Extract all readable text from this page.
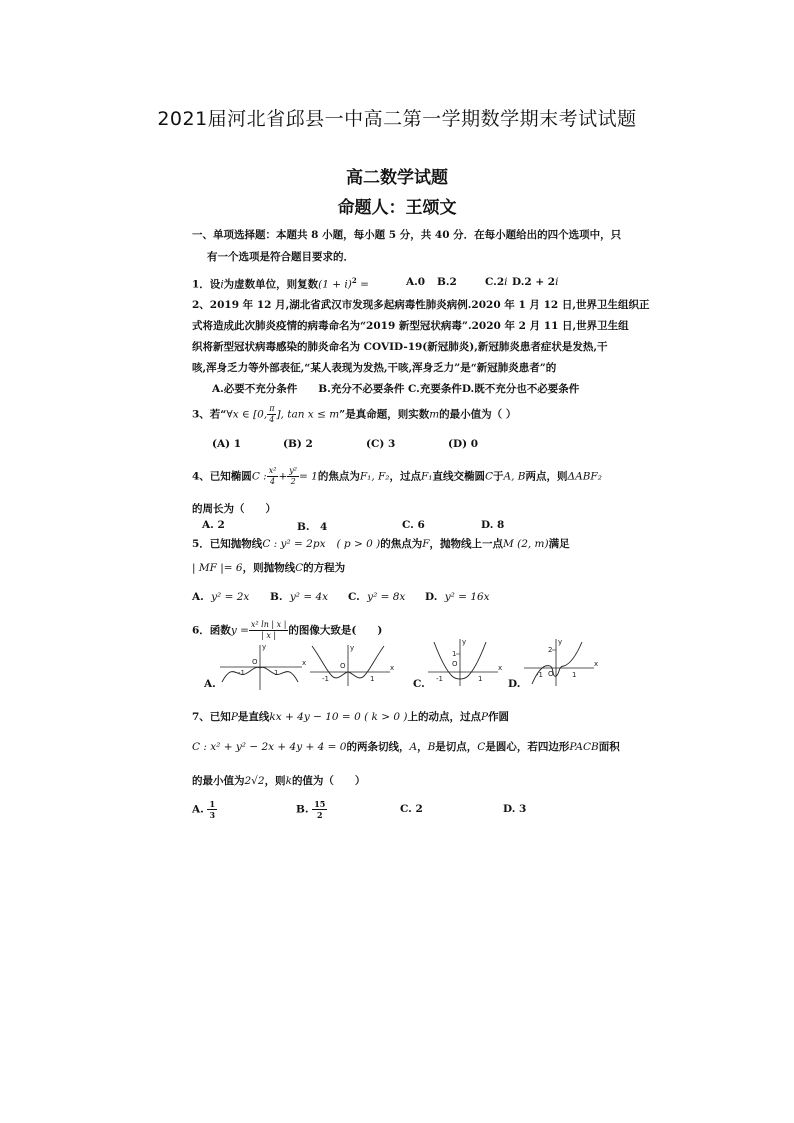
2021届河北省邱县一中高二第一学期数学期末考试试题
高二数学试题
命题人：王颂文
一、单项选择题：本题共 8 小题，每小题 5 分，共 40 分．在每小题给出的四个选项中，只
有一个选项是符合题目要求的．
1．设i为虚数单位，则复数$(1 + i)^2$ =	A.0 B.2	C.2i D.2 + 2i
2、2019 年 12 月,湖北省武汉市发现多起病毒性肺炎病例.2020 年 1 月 12 日,世界卫生组织正
式将造成此次肺炎疫情的病毒命名为“2019 新型冠状病毒”.2020 年 2 月 11 日,世界卫生组
织将新型冠状病毒感染的肺炎命名为 COVID-19(新冠肺炎),新冠肺炎患者症状是发热,干
咳,浑身乏力等外部表征,“某人表现为发热,干咳,浑身乏力”是“新冠肺炎患者”的
A.必要不充分条件　　B.充分不必要条件 C.充要条件D.既不充分也不必要条件
3、若“∀x ∈ [0, $\frac{\pi}{4}$ ], tan x ≤ m”是真命题，则实数m的最小值为（ ）
(A) 1	(B) 2	(C) 3	(D) 0
4、已知椭圆C : $\frac{\text{x²}}{4} + \frac{\text{y²}}{2} = 1$的焦点为F₁, F₂，过点F₁直线交椭圆C于A, B两点，则ΔABF₂
的周长为（　　）
A. 2	B.　4	C. 6	D. 8
5．已知抛物线C : y² = 2px ( p > 0 )的焦点为F，抛物线上一点M (2, m)满足
| MF |= 6，则抛物线C的方程为
A. y² = 2x B. y² = 4x C. y² = 8x D. y² = 16x
6．函数$y = \frac{\text{x² ln | x |}}{| x |}$ 的图像大致是(　　)
A.
x
y
O
1
-1
x
y
O
1
-1	C.
x
y
O
1
1
-1	D.
x
y
2
O	1
-1
7、已知P是直线kx + 4y − 10 = 0 ( k > 0 )上的动点，过点P作圆
C : x² + y² − 2x + 4y + 4 = 0的两条切线，A，B是切点，C是圆心，若四边形PACB面积
的最小值为2√2，则k的值为（　　）
A. $\frac{1}{3}$	B. $\frac{15}{2}$	C. 2	D. 3
